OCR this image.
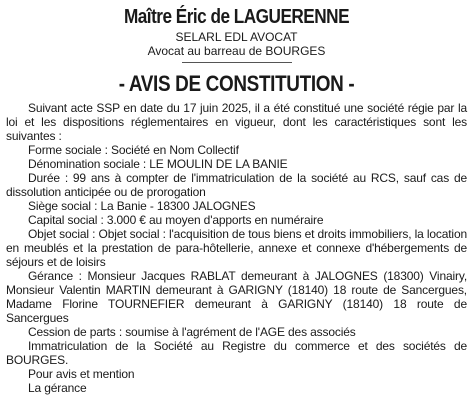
Maître Éric de LAGUERENNE
SELARL EDL AVOCAT
Avocat au barreau de BOURGES
- AVIS DE CONSTITUTION -

Suivant acte SSP en date du 17 juin 2025, il a été constitué une société régie par la loi et les dispositions réglementaires en vigueur, dont les caractéristiques sont les suivantes :

Forme sociale : Société en Nom Collectif

Dénomination sociale : LE MOULIN DE LA BANIE

Durée : 99 ans à compter de l'immatriculation de la société au RCS, sauf cas de dissolution anticipée ou de prorogation

Siège social : La Banie - 18300 JALOGNES

Capital social : 3.000 € au moyen d'apports en numéraire

Objet social : Objet social : l'acquisition de tous biens et droits immobiliers, la location en meublés et la prestation de para-hôtellerie, annexe et connexe d'hébergements de séjours et de loisirs

Gérance : Monsieur Jacques RABLAT demeurant à JALOGNES (18300) Vinairy, Monsieur Valentin MARTIN demeurant à GARIGNY (18140) 18 route de Sancergues, Madame Florine TOURNEFIER demeurant à GARIGNY (18140) 18 route de Sancergues

Cession de parts : soumise à l'agrément de l'AGE des associés

Immatriculation de la Société au Registre du commerce et des sociétés de BOURGES.

Pour avis et mention

La gérance
